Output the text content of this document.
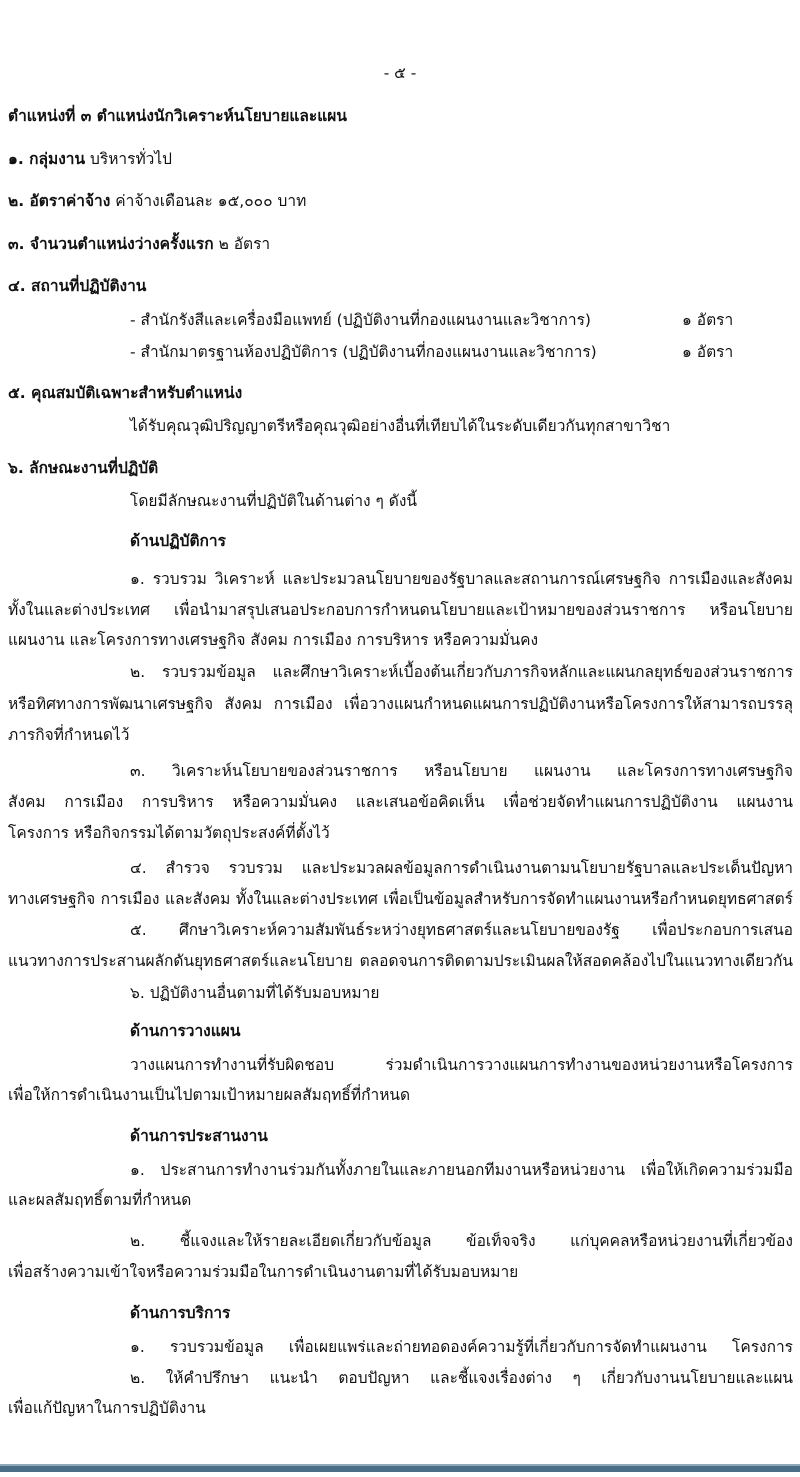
- ๕ -
ตำแหน่งที่ ๓ ตำแหน่งนักวิเคราะห์นโยบายและแผน
๑. กลุ่มงาน บริหารทั่วไป
๒. อัตราค่าจ้าง ค่าจ้างเดือนละ ๑๕,๐๐๐ บาท
๓. จำนวนตำแหน่งว่างครั้งแรก ๒ อัตรา
๔. สถานที่ปฏิบัติงาน
- สำนักรังสีและเครื่องมือแพทย์ (ปฏิบัติงานที่กองแผนงานและวิชาการ)	๑ อัตรา
- สำนักมาตรฐานห้องปฏิบัติการ (ปฏิบัติงานที่กองแผนงานและวิชาการ)	๑ อัตรา
๕. คุณสมบัติเฉพาะสำหรับตำแหน่ง
ได้รับคุณวุฒิปริญญาตรีหรือคุณวุฒิอย่างอื่นที่เทียบได้ในระดับเดียวกันทุกสาขาวิชา
๖. ลักษณะงานที่ปฏิบัติ
โดยมีลักษณะงานที่ปฏิบัติในด้านต่าง ๆ ดังนี้
ด้านปฏิบัติการ
๑. รวบรวม วิเคราะห์ และประมวลนโยบายของรัฐบาลและสถานการณ์เศรษฐกิจ การเมืองและสังคม
ทั้งในและต่างประเทศ เพื่อนำมาสรุปเสนอประกอบการกำหนดนโยบายและเป้าหมายของส่วนราชการ หรือนโยบาย
แผนงาน และโครงการทางเศรษฐกิจ สังคม การเมือง การบริหาร หรือความมั่นคง
๒. รวบรวมข้อมูล และศึกษาวิเคราะห์เบื้องต้นเกี่ยวกับภารกิจหลักและแผนกลยุทธ์ของส่วนราชการ
หรือทิศทางการพัฒนาเศรษฐกิจ สังคม การเมือง เพื่อวางแผนกำหนดแผนการปฏิบัติงานหรือโครงการให้สามารถบรรลุ
ภารกิจที่กำหนดไว้
๓. วิเคราะห์นโยบายของส่วนราชการ หรือนโยบาย แผนงาน และโครงการทางเศรษฐกิจ
สังคม การเมือง การบริหาร หรือความมั่นคง และเสนอข้อคิดเห็น เพื่อช่วยจัดทำแผนการปฏิบัติงาน แผนงาน
โครงการ หรือกิจกรรมได้ตามวัตถุประสงค์ที่ตั้งไว้
๔. สำรวจ รวบรวม และประมวลผลข้อมูลการดำเนินงานตามนโยบายรัฐบาลและประเด็นปัญหา
ทางเศรษฐกิจ การเมือง และสังคม ทั้งในและต่างประเทศ เพื่อเป็นข้อมูลสำหรับการจัดทำแผนงานหรือกำหนดยุทธศาสตร์
๕. ศึกษาวิเคราะห์ความสัมพันธ์ระหว่างยุทธศาสตร์และนโยบายของรัฐ เพื่อประกอบการเสนอ
แนวทางการประสานผลักดันยุทธศาสตร์และนโยบาย ตลอดจนการติดตามประเมินผลให้สอดคล้องไปในแนวทางเดียวกัน
๖. ปฏิบัติงานอื่นตามที่ได้รับมอบหมาย
ด้านการวางแผน
วางแผนการทำงานที่รับผิดชอบ ร่วมดำเนินการวางแผนการทำงานของหน่วยงานหรือโครงการ
เพื่อให้การดำเนินงานเป็นไปตามเป้าหมายผลสัมฤทธิ์ที่กำหนด
ด้านการประสานงาน
๑. ประสานการทำงานร่วมกันทั้งภายในและภายนอกทีมงานหรือหน่วยงาน เพื่อให้เกิดความร่วมมือ
และผลสัมฤทธิ์ตามที่กำหนด
๒. ชี้แจงและให้รายละเอียดเกี่ยวกับข้อมูล ข้อเท็จจริง แก่บุคคลหรือหน่วยงานที่เกี่ยวข้อง
เพื่อสร้างความเข้าใจหรือความร่วมมือในการดำเนินงานตามที่ได้รับมอบหมาย
ด้านการบริการ
๑. รวบรวมข้อมูล เพื่อเผยแพร่และถ่ายทอดองค์ความรู้ที่เกี่ยวกับการจัดทำแผนงาน โครงการ
๒. ให้คำปรึกษา แนะนำ ตอบปัญหา และชี้แจงเรื่องต่าง ๆ เกี่ยวกับงานนโยบายและแผน
เพื่อแก้ปัญหาในการปฏิบัติงาน
